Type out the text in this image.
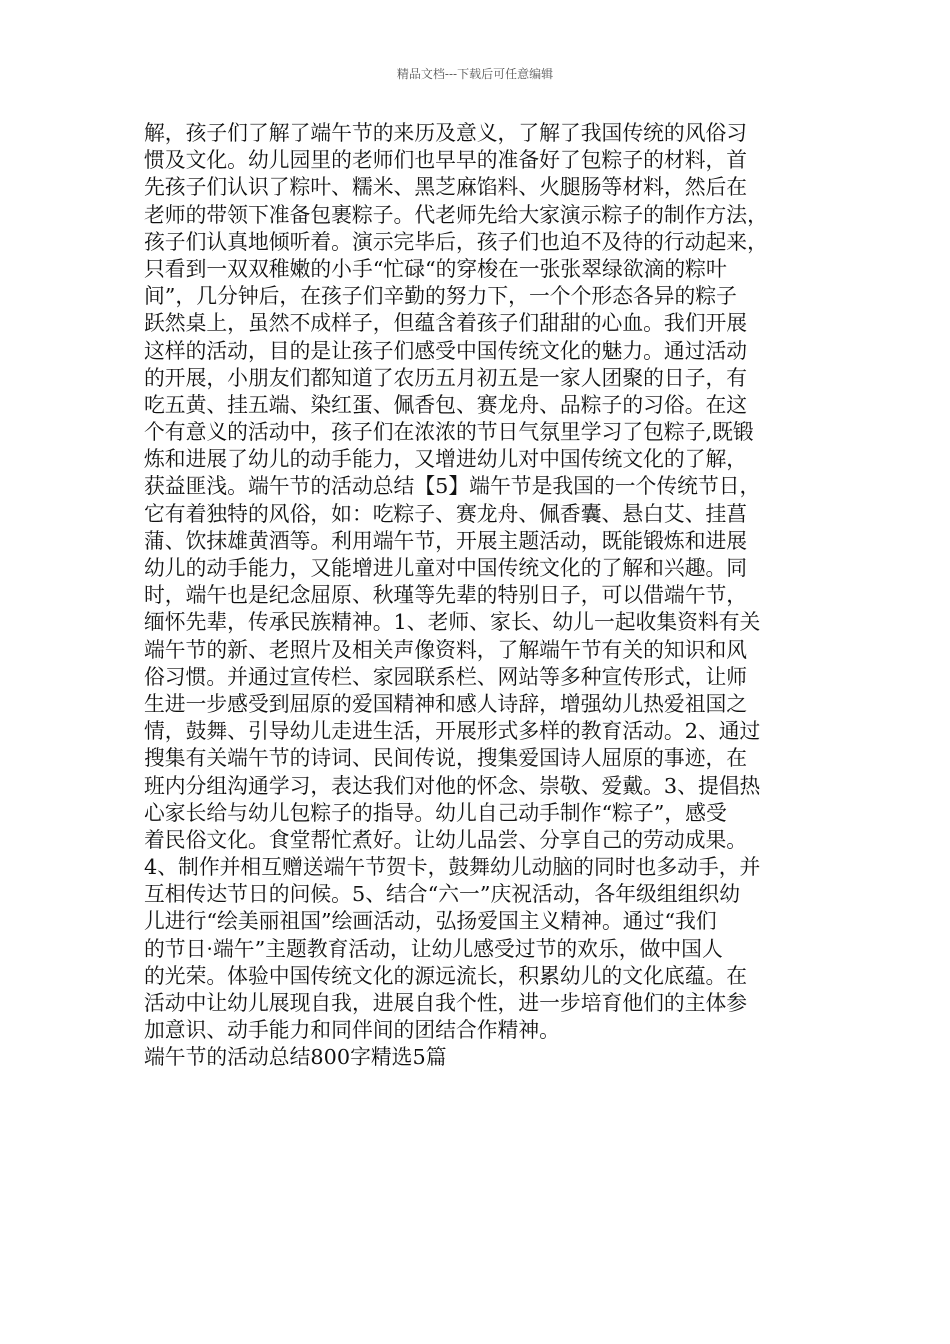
精品文档---下载后可任意编辑
解，孩子们了解了端午节的来历及意义，了解了我国传统的风俗习
惯及文化。幼儿园里的老师们也早早的准备好了包粽子的材料，首
先孩子们认识了粽叶、糯米、黑芝麻馅料、火腿肠等材料，然后在
老师的带领下准备包裹粽子。代老师先给大家演示粽子的制作方法，
孩子们认真地倾听着。演示完毕后，孩子们也迫不及待的行动起来，
只看到一双双稚嫩的小手“忙碌“的穿梭在一张张翠绿欲滴的粽叶
间”，几分钟后，在孩子们辛勤的努力下，一个个形态各异的粽子
跃然桌上，虽然不成样子，但蕴含着孩子们甜甜的心血。我们开展
这样的活动，目的是让孩子们感受中国传统文化的魅力。通过活动
的开展，小朋友们都知道了农历五月初五是一家人团聚的日子，有
吃五黄、挂五端、染红蛋、佩香包、赛龙舟、品粽子的习俗。在这
个有意义的活动中，孩子们在浓浓的节日气氛里学习了包粽子,既锻
炼和进展了幼儿的动手能力，又增进幼儿对中国传统文化的了解，
获益匪浅。端午节的活动总结【5】端午节是我国的一个传统节日，
它有着独特的风俗，如：吃粽子、赛龙舟、佩香囊、悬白艾、挂菖
蒲、饮抹雄黄酒等。利用端午节，开展主题活动，既能锻炼和进展
幼儿的动手能力，又能增进儿童对中国传统文化的了解和兴趣。同
时，端午也是纪念屈原、秋瑾等先辈的特别日子，可以借端午节，
缅怀先辈，传承民族精神。1、老师、家长、幼儿一起收集资料有关
端午节的新、老照片及相关声像资料，了解端午节有关的知识和风
俗习惯。并通过宣传栏、家园联系栏、网站等多种宣传形式，让师
生进一步感受到屈原的爱国精神和感人诗辞，增强幼儿热爱祖国之
情，鼓舞、引导幼儿走进生活，开展形式多样的教育活动。2、通过
搜集有关端午节的诗词、民间传说，搜集爱国诗人屈原的事迹，在
班内分组沟通学习，表达我们对他的怀念、崇敬、爱戴。3、提倡热
心家长给与幼儿包粽子的指导。幼儿自己动手制作“粽子”，感受
着民俗文化。食堂帮忙煮好。让幼儿品尝、分享自己的劳动成果。
4、制作并相互赠送端午节贺卡，鼓舞幼儿动脑的同时也多动手，并
互相传达节日的问候。5、结合“六一”庆祝活动，各年级组组织幼
儿进行“绘美丽祖国”绘画活动，弘扬爱国主义精神。通过“我们
的节日·端午”主题教育活动，让幼儿感受过节的欢乐，做中国人
的光荣。体验中国传统文化的源远流长，积累幼儿的文化底蕴。在
活动中让幼儿展现自我，进展自我个性，进一步培育他们的主体参
加意识、动手能力和同伴间的团结合作精神。
端午节的活动总结800字精选5篇
